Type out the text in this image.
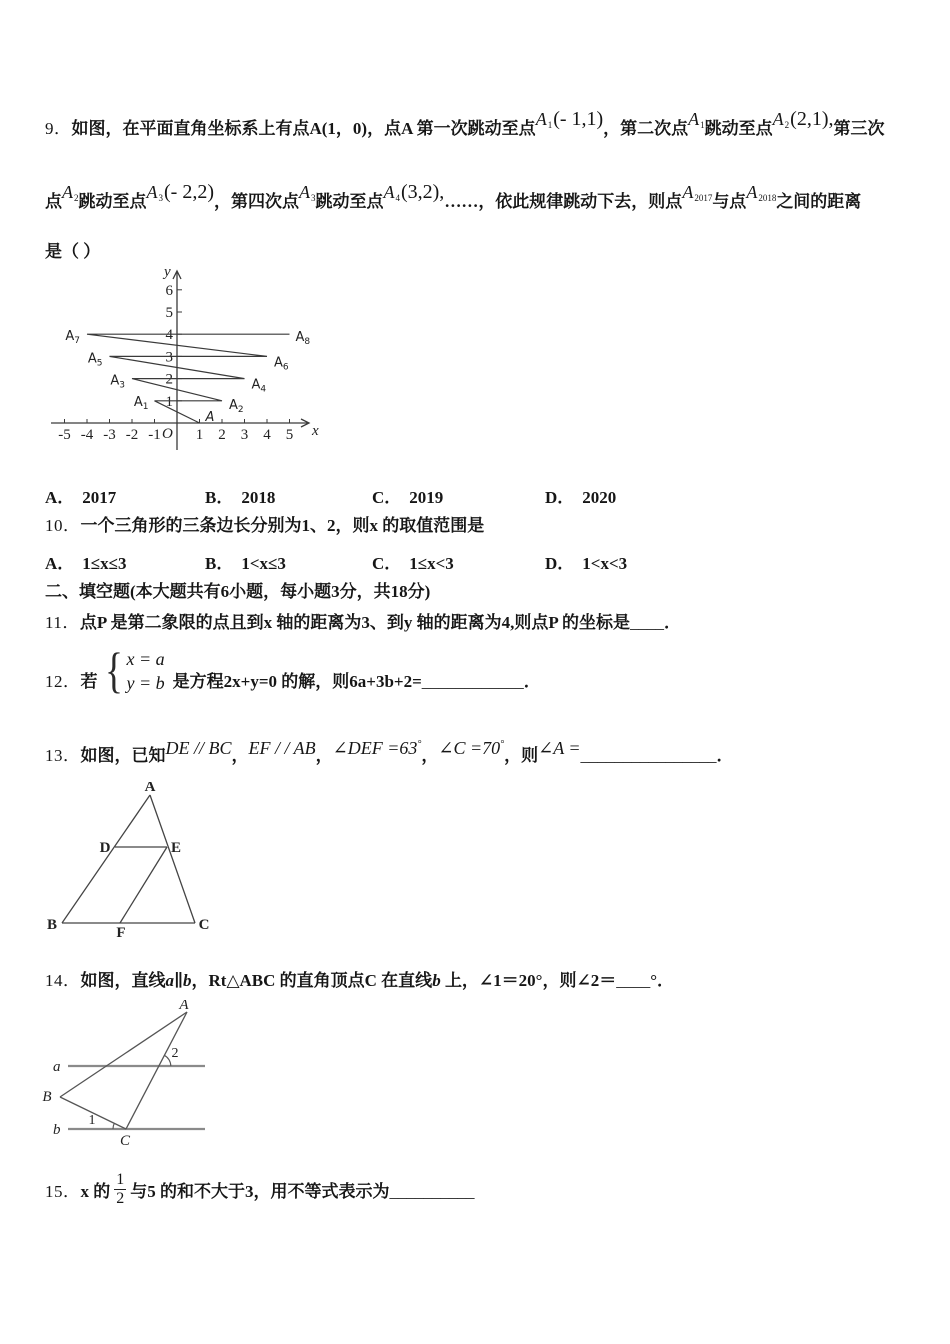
9．如图，在平面直角坐标系上有点A(1，0)，点A 第一次跳动至点$A_1(-$ 1,1)，第二次点$A_1$跳动至点$A_2(2,1)$,第三次
点$A_2$跳动至点$A_3(-$ 2,2)，第四次点$A_3$跳动至点$A_4(3,2),\dots\dots$，依此规律跳动下去，则点$A_{2017}$与点$A_{2018}$之间的距离
是（ ）
x
y
O
-5 -4 -3 -2 -1 1 2 3 4 5
1
2
3
4
5
6
A
$A_1$	$A_2$
$A_3$	$A_4$
$A_5$	$A_6$
$A_7$	$A_8$
A． 2017	B． 2018	C． 2019	D． 2020
10．一个三角形的三条边长分别为1、2，则x 的取值范围是
A． 1≤x≤3	B． 1<x≤3	C． 1≤x<3	D． 1<x<3
二、填空题(本大题共有6小题，每小题3分，共18分)
11．点P 是第二象限的点且到x 轴的距离为3、到y 轴的距离为4,则点P 的坐标是____．
12． 若 { x = a
y = b 是方程2x+y=0 的解，则6a+3b+2= ____________ ．
13．如图，已知DE // BC，EF / / AB，∠DEF =63°，∠C =70°，则∠A =________________．
A
B	C
D	E
F
14．如图，直线a∥b，Rt△ABC 的直角顶点C 在直线b 上，∠1＝20°，则∠2＝____°．
a
b
A
B
C
1
2
15．x 的 $\frac{1}{2}$ 与5 的和不大于3，用不等式表示为__________
